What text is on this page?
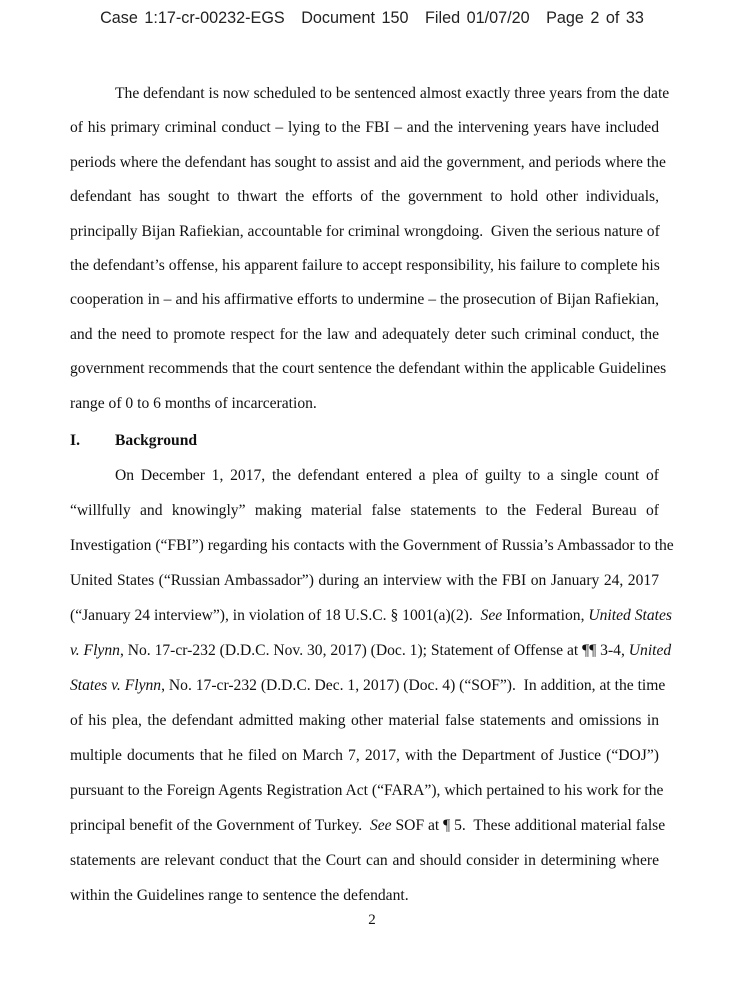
Case 1:17-cr-00232-EGS Document 150 Filed 01/07/20 Page 2 of 33
The defendant is now scheduled to be sentenced almost exactly three years from the date
of his primary criminal conduct – lying to the FBI – and the intervening years have included
periods where the defendant has sought to assist and aid the government, and periods where the
defendant has sought to thwart the efforts of the government to hold other individuals,
principally Bijan Rafiekian, accountable for criminal wrongdoing.  Given the serious nature of
the defendant’s offense, his apparent failure to accept responsibility, his failure to complete his
cooperation in – and his affirmative efforts to undermine – the prosecution of Bijan Rafiekian,
and the need to promote respect for the law and adequately deter such criminal conduct, the
government recommends that the court sentence the defendant within the applicable Guidelines
range of 0 to 6 months of incarceration.
I. Background
On December 1, 2017, the defendant entered a plea of guilty to a single count of
“willfully and knowingly” making material false statements to the Federal Bureau of
Investigation (“FBI”) regarding his contacts with the Government of Russia’s Ambassador to the
United States (“Russian Ambassador”) during an interview with the FBI on January 24, 2017
(“January 24 interview”), in violation of 18 U.S.C. § 1001(a)(2).  See Information, United States
v. Flynn, No. 17-cr-232 (D.D.C. Nov. 30, 2017) (Doc. 1); Statement of Offense at ¶¶ 3-4, United
States v. Flynn, No. 17-cr-232 (D.D.C. Dec. 1, 2017) (Doc. 4) (“SOF”).  In addition, at the time
of his plea, the defendant admitted making other material false statements and omissions in
multiple documents that he filed on March 7, 2017, with the Department of Justice (“DOJ”)
pursuant to the Foreign Agents Registration Act (“FARA”), which pertained to his work for the
principal benefit of the Government of Turkey.  See SOF at ¶ 5.  These additional material false
statements are relevant conduct that the Court can and should consider in determining where
within the Guidelines range to sentence the defendant.
2
